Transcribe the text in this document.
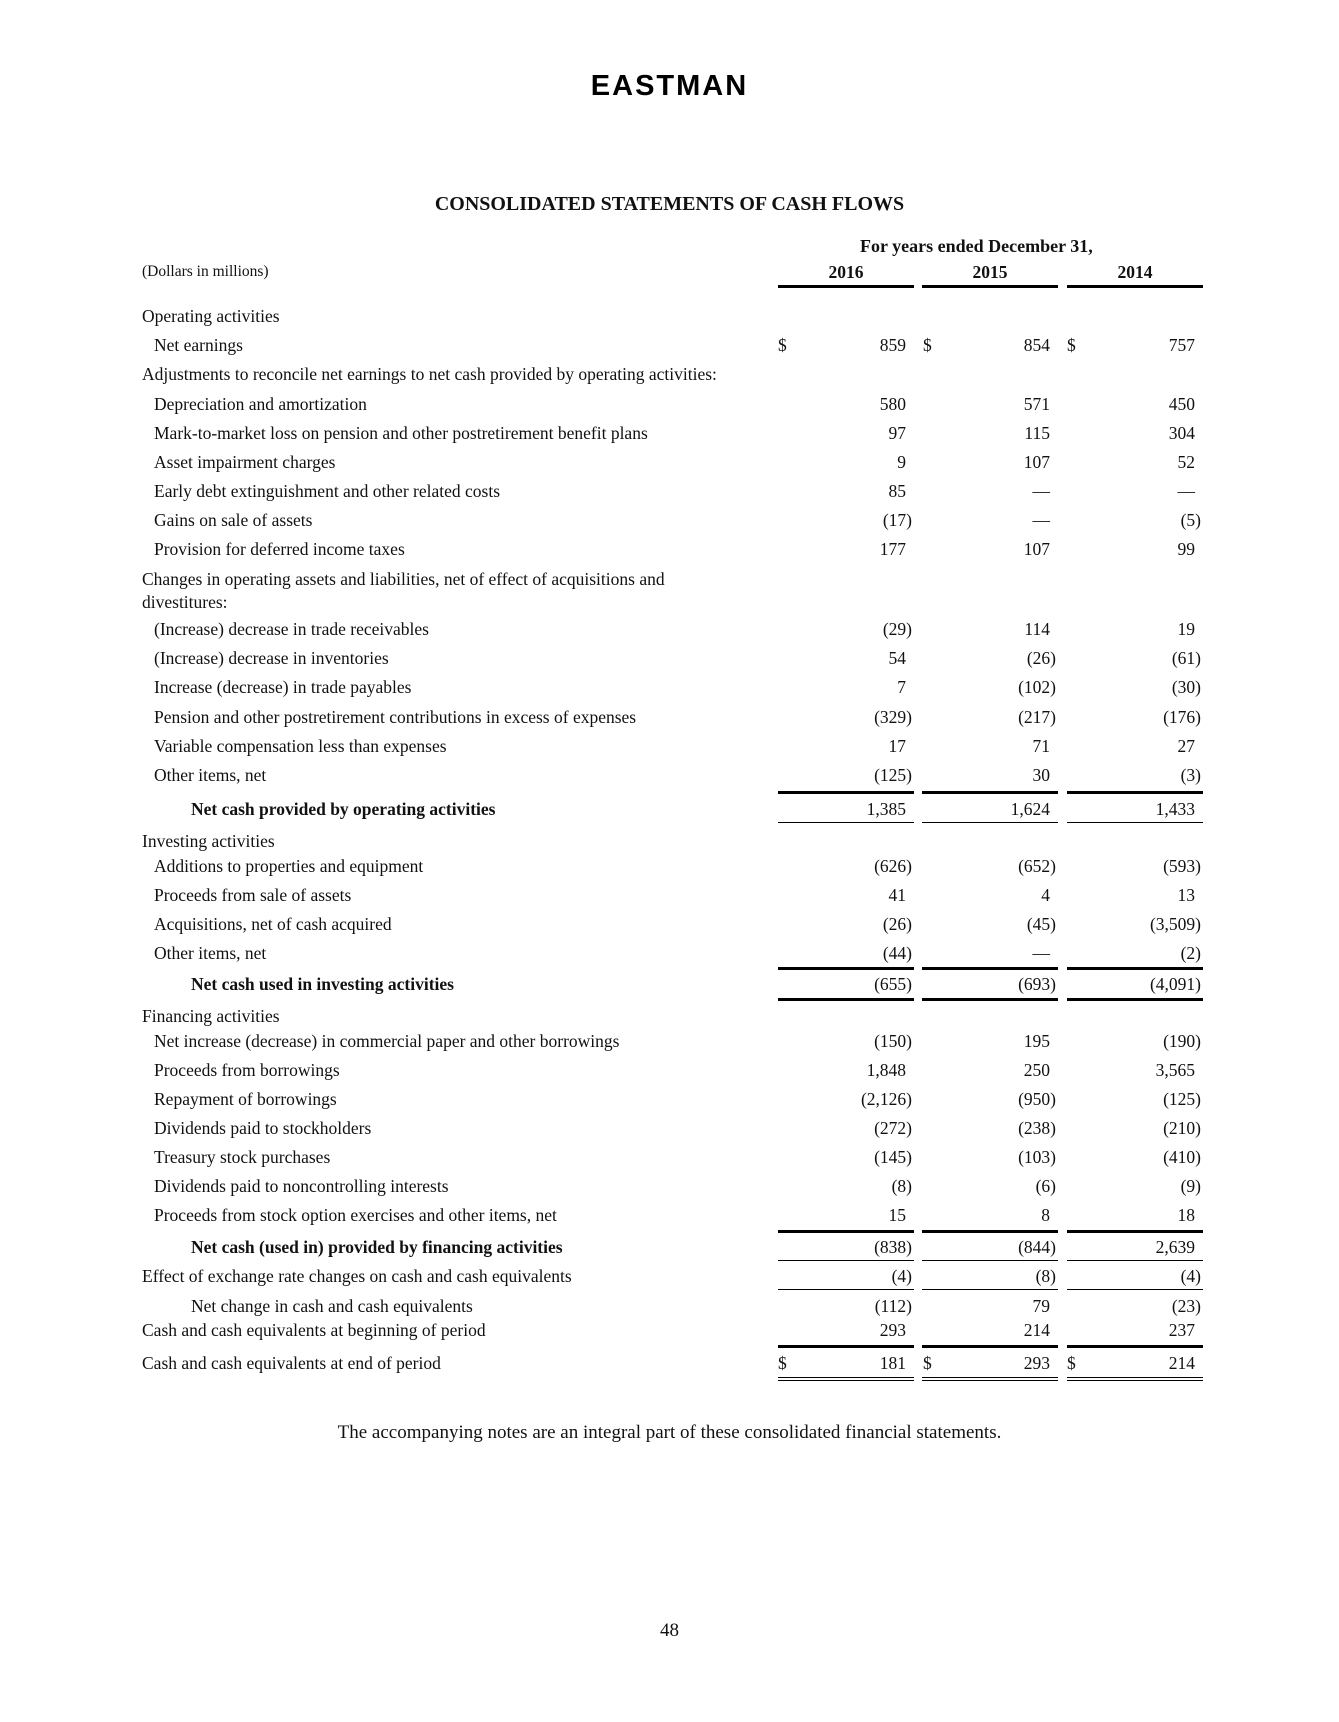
EASTMAN
CONSOLIDATED STATEMENTS OF CASH FLOWS
For years ended December 31,
(Dollars in millions)	2016	2015	2014
Operating activities
Net earnings	$	859 $	854 $	757
Adjustments to reconcile net earnings to net cash provided by operating activities:
Depreciation and amortization	580	571	450
Mark-to-market loss on pension and other postretirement benefit plans	97	115	304
Asset impairment charges	9	107	52
Early debt extinguishment and other related costs	85	—	—
Gains on sale of assets	(17)	—	(5)
Provision for deferred income taxes	177	107	99
Changes in operating assets and liabilities, net of effect of acquisitions and divestitures:
(Increase) decrease in trade receivables	(29)	114	19
(Increase) decrease in inventories	54	(26)	(61)
Increase (decrease) in trade payables	7	(102)	(30)
Pension and other postretirement contributions in excess of expenses	(329)	(217)	(176)
Variable compensation less than expenses	17	71	27
Other items, net	(125)	30	(3)
Net cash provided by operating activities	1,385	1,624	1,433
Investing activities
Additions to properties and equipment	(626)	(652)	(593)
Proceeds from sale of assets	41	4	13
Acquisitions, net of cash acquired	(26)	(45)	(3,509)
Other items, net	(44)	—	(2)
Net cash used in investing activities	(655)	(693)	(4,091)
Financing activities
Net increase (decrease) in commercial paper and other borrowings	(150)	195	(190)
Proceeds from borrowings	1,848	250	3,565
Repayment of borrowings	(2,126)	(950)	(125)
Dividends paid to stockholders	(272)	(238)	(210)
Treasury stock purchases	(145)	(103)	(410)
Dividends paid to noncontrolling interests	(8)	(6)	(9)
Proceeds from stock option exercises and other items, net	15	8	18
Net cash (used in) provided by financing activities	(838)	(844)	2,639
Effect of exchange rate changes on cash and cash equivalents	(4)	(8)	(4)
Net change in cash and cash equivalents	(112)	79	(23)
Cash and cash equivalents at beginning of period	293	214	237
Cash and cash equivalents at end of period	$	181 $	293 $	214
The accompanying notes are an integral part of these consolidated financial statements.
48
